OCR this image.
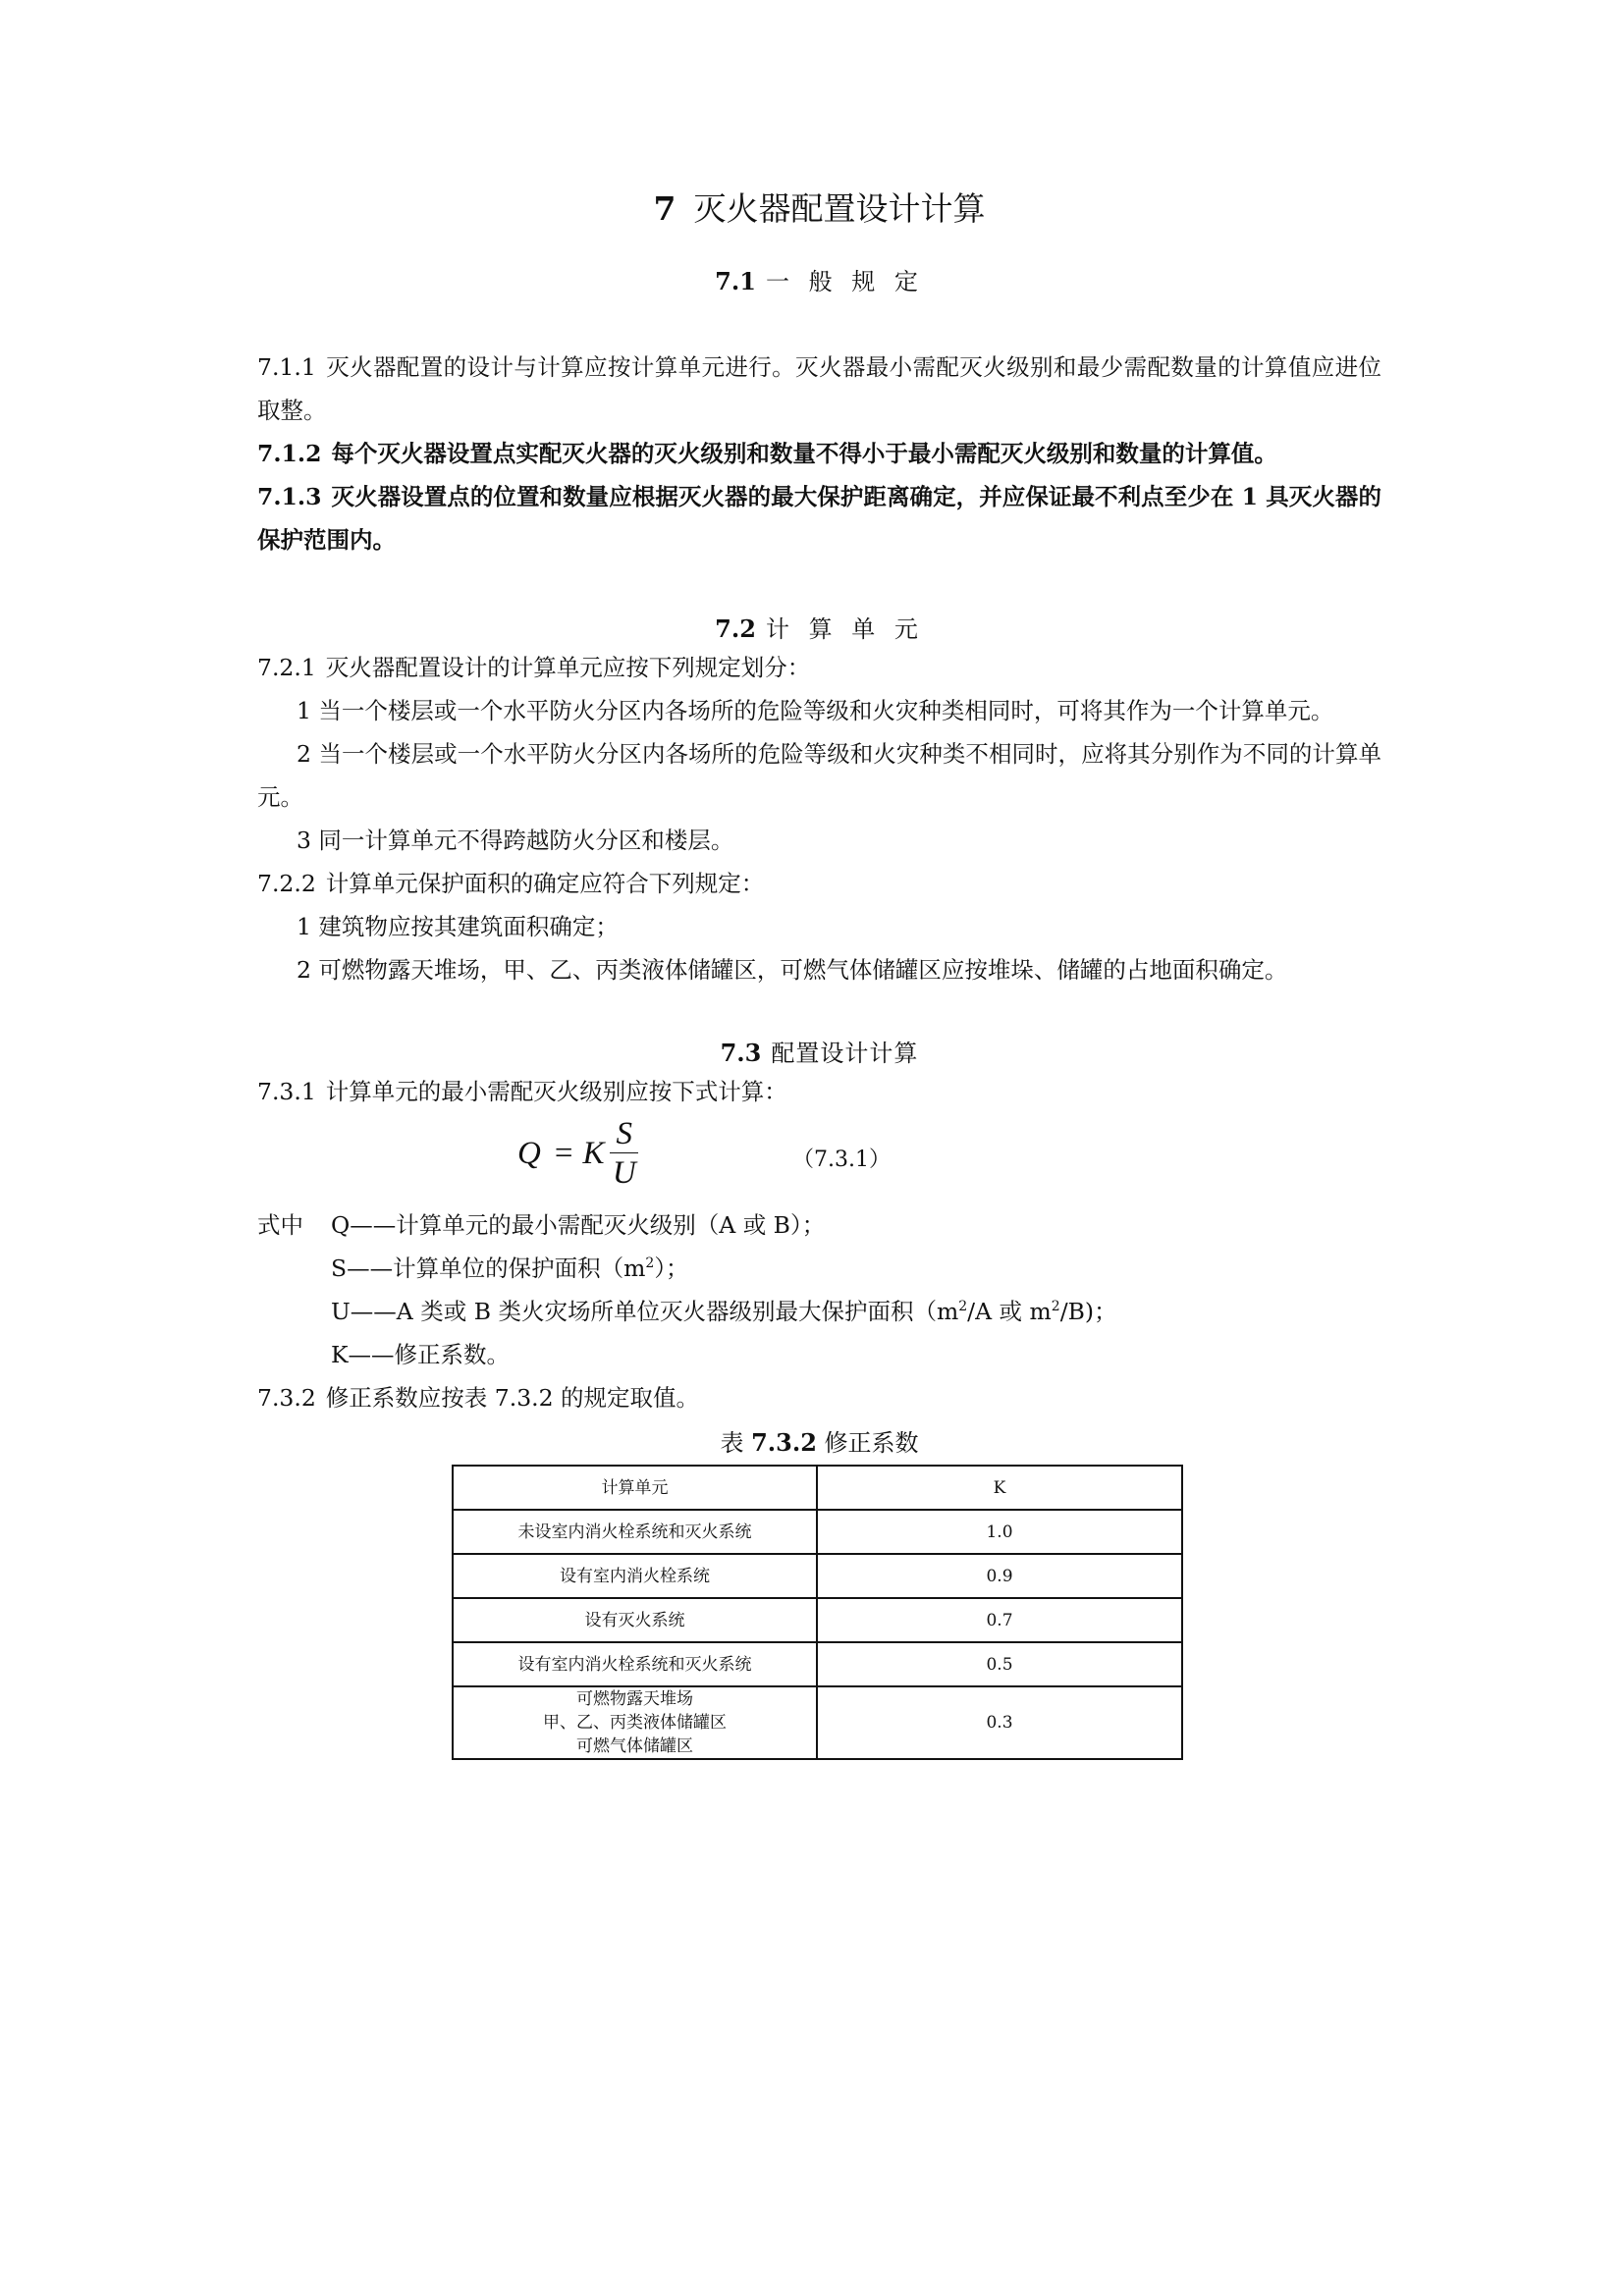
7 灭火器配置设计计算
7.1 一 般 规 定

7.1.1 灭火器配置的设计与计算应按计算单元进行。灭火器最小需配灭火级别和最少需配数量的计算值应进位取整。

7.1.2 每个灭火器设置点实配灭火器的灭火级别和数量不得小于最小需配灭火级别和数量的计算值。

7.1.3 灭火器设置点的位置和数量应根据灭火器的最大保护距离确定，并应保证最不利点至少在 1 具灭火器的保护范围内。

7.2 计 算 单 元

7.2.1 灭火器配置设计的计算单元应按下列规定划分：

1 当一个楼层或一个水平防火分区内各场所的危险等级和火灾种类相同时，可将其作为一个计算单元。

2 当一个楼层或一个水平防火分区内各场所的危险等级和火灾种类不相同时，应将其分别作为不同的计算单元。

3 同一计算单元不得跨越防火分区和楼层。

7.2.2 计算单元保护面积的确定应符合下列规定：

1 建筑物应按其建筑面积确定；

2 可燃物露天堆场，甲、乙、丙类液体储罐区，可燃气体储罐区应按堆垛、储罐的占地面积确定。

7.3 配置设计计算

7.3.1 计算单元的最小需配灭火级别应按下式计算：

Q = K $\frac{S}{U}$	（7.3.1）

式中 Q——计算单元的最小需配灭火级别（A 或 B）；

S——计算单位的保护面积$(m^2)$；

U——A 类或 B 类火灾场所单位灭火器级别最大保护面积（$m^2/A$ 或 $m^2/B$)；

K——修正系数。

7.3.2 修正系数应按表 7.3.2 的规定取值。

表 7.3.2 修正系数

计算单元	K
未设室内消火栓系统和灭火系统	1.0
设有室内消火栓系统	0.9
设有灭火系统	0.7
设有室内消火栓系统和灭火系统	0.5

可燃物露天堆场
甲、乙、丙类液体储罐区
可燃气体储罐区	0.3
